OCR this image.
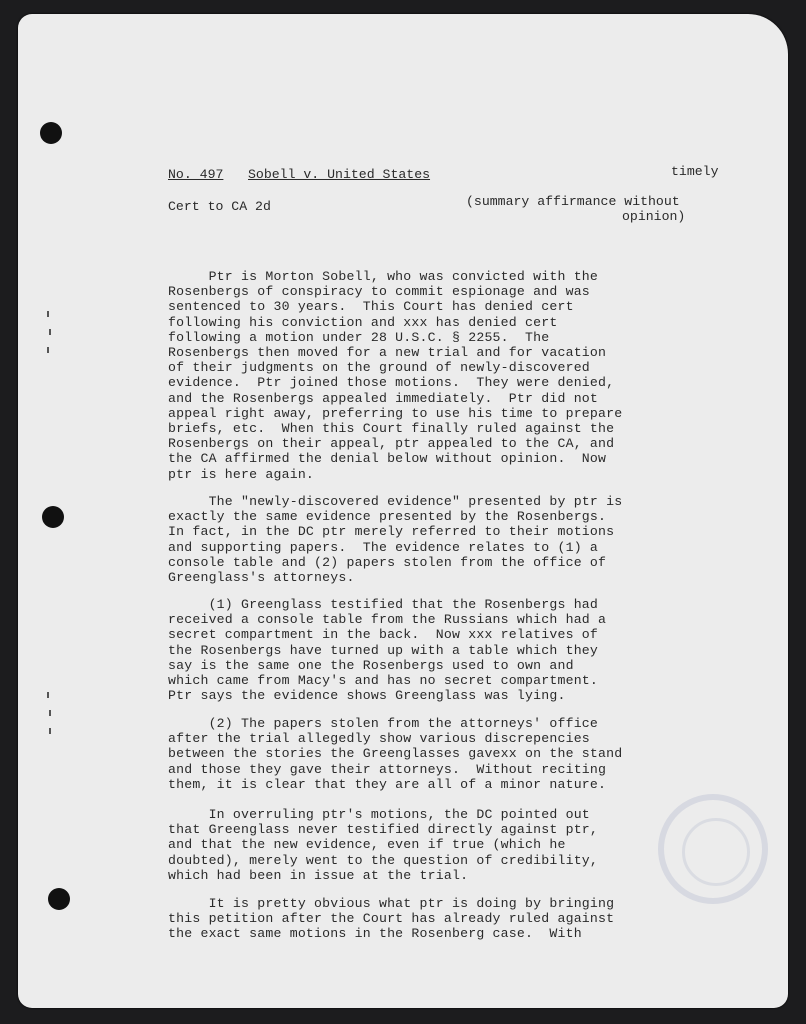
No. 497 Sobell v. United States	timely
Cert to CA 2d	(summary affirmance without
opinion)
Ptr is Morton Sobell, who was convicted with the
Rosenbergs of conspiracy to commit espionage and was
sentenced to 30 years.  This Court has denied cert
following his conviction and xxx has denied cert
following a motion under 28 U.S.C. § 2255.  The
Rosenbergs then moved for a new trial and for vacation
of their judgments on the ground of newly-discovered
evidence.  Ptr joined those motions.  They were denied,
and the Rosenbergs appealed immediately.  Ptr did not
appeal right away, preferring to use his time to prepare
briefs, etc.  When this Court finally ruled against the
Rosenbergs on their appeal, ptr appealed to the CA, and
the CA affirmed the denial below without opinion.  Now
ptr is here again.
The "newly-discovered evidence" presented by ptr is
exactly the same evidence presented by the Rosenbergs.
In fact, in the DC ptr merely referred to their motions
and supporting papers.  The evidence relates to (1) a
console table and (2) papers stolen from the office of
Greenglass's attorneys.
(1) Greenglass testified that the Rosenbergs had
received a console table from the Russians which had a
secret compartment in the back.  Now xxx relatives of
the Rosenbergs have turned up with a table which they
say is the same one the Rosenbergs used to own and
which came from Macy's and has no secret compartment.
Ptr says the evidence shows Greenglass was lying.
(2) The papers stolen from the attorneys' office
after the trial allegedly show various discrepencies
between the stories the Greenglasses gavexx on the stand
and those they gave their attorneys.  Without reciting
them, it is clear that they are all of a minor nature.
In overruling ptr's motions, the DC pointed out
that Greenglass never testified directly against ptr,
and that the new evidence, even if true (which he
doubted), merely went to the question of credibility,
which had been in issue at the trial.
It is pretty obvious what ptr is doing by bringing
this petition after the Court has already ruled against
the exact same motions in the Rosenberg case.  With
